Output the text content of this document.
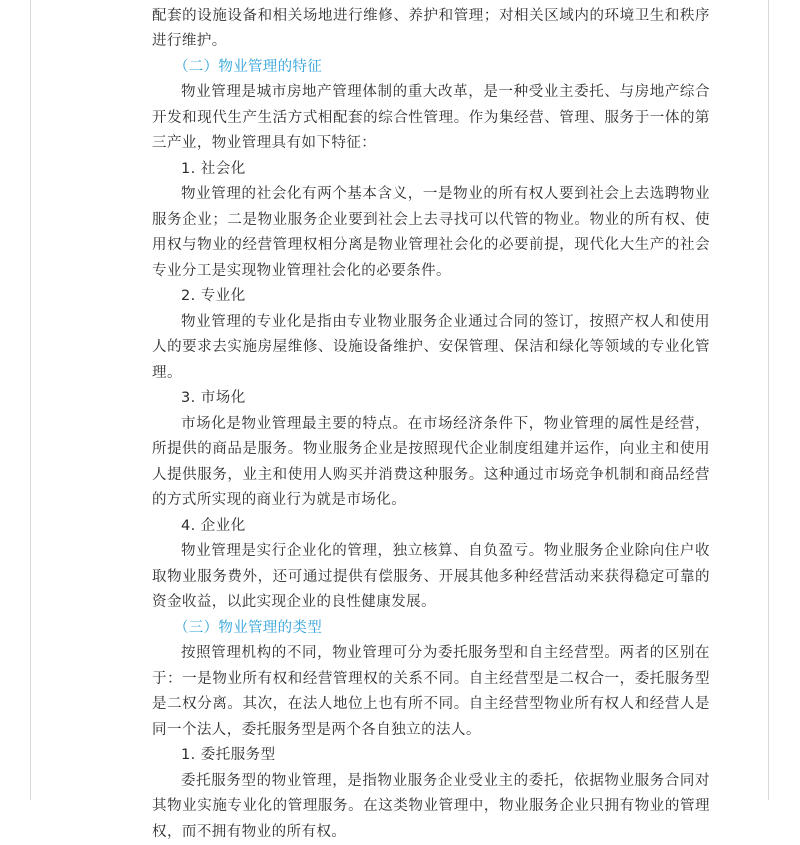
配套的设施设备和相关场地进行维修、养护和管理；对相关区域内的环境卫生和秩序进行维护。

（二）物业管理的特征

物业管理是城市房地产管理体制的重大改革，是一种受业主委托、与房地产综合开发和现代生产生活方式相配套的综合性管理。作为集经营、管理、服务于一体的第三产业，物业管理具有如下特征：

1. 社会化

物业管理的社会化有两个基本含义，一是物业的所有权人要到社会上去选聘物业服务企业；二是物业服务企业要到社会上去寻找可以代管的物业。物业的所有权、使用权与物业的经营管理权相分离是物业管理社会化的必要前提，现代化大生产的社会专业分工是实现物业管理社会化的必要条件。

2. 专业化

物业管理的专业化是指由专业物业服务企业通过合同的签订，按照产权人和使用人的要求去实施房屋维修、设施设备维护、安保管理、保洁和绿化等领域的专业化管理。

3. 市场化

市场化是物业管理最主要的特点。在市场经济条件下，物业管理的属性是经营，所提供的商品是服务。物业服务企业是按照现代企业制度组建并运作，向业主和使用人提供服务，业主和使用人购买并消费这种服务。这种通过市场竞争机制和商品经营的方式所实现的商业行为就是市场化。

4. 企业化

物业管理是实行企业化的管理，独立核算、自负盈亏。物业服务企业除向住户收取物业服务费外，还可通过提供有偿服务、开展其他多种经营活动来获得稳定可靠的资金收益，以此实现企业的良性健康发展。

（三）物业管理的类型

按照管理机构的不同，物业管理可分为委托服务型和自主经营型。两者的区别在于：一是物业所有权和经营管理权的关系不同。自主经营型是二权合一，委托服务型是二权分离。其次，在法人地位上也有所不同。自主经营型物业所有权人和经营人是同一个法人，委托服务型是两个各自独立的法人。

1. 委托服务型

委托服务型的物业管理，是指物业服务企业受业主的委托，依据物业服务合同对其物业实施专业化的管理服务。在这类物业管理中，物业服务企业只拥有物业的管理权，而不拥有物业的所有权。
